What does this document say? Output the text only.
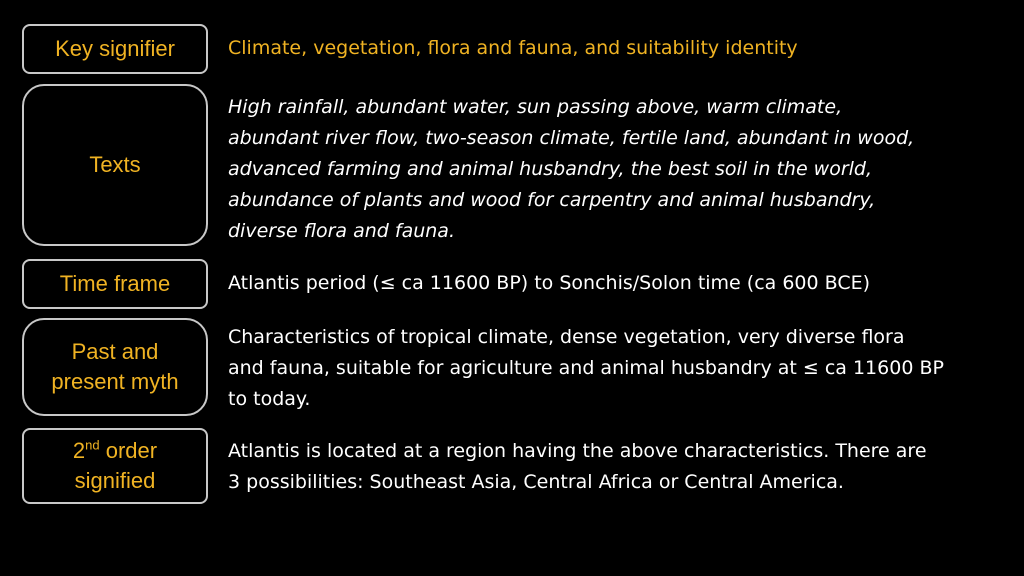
Key signifier	Climate, vegetation, flora and fauna, and suitability identity

Texts
High rainfall, abundant water, sun passing above, warm climate,
abundant river flow, two-season climate, fertile land, abundant in wood,
advanced farming and animal husbandry, the best soil in the world,
abundance of plants and wood for carpentry and animal husbandry,
diverse flora and fauna.
Time frame	Atlantis period (≤ ca 11600 BP) to Sonchis/Solon time (ca 600 BCE)

Past and
present myth
Characteristics of tropical climate, dense vegetation, very diverse flora
and fauna, suitable for agriculture and animal husbandry at ≤ ca 11600 BP
to today.
2nd order
signified
Atlantis is located at a region having the above characteristics. There are
3 possibilities: Southeast Asia, Central Africa or Central America.
